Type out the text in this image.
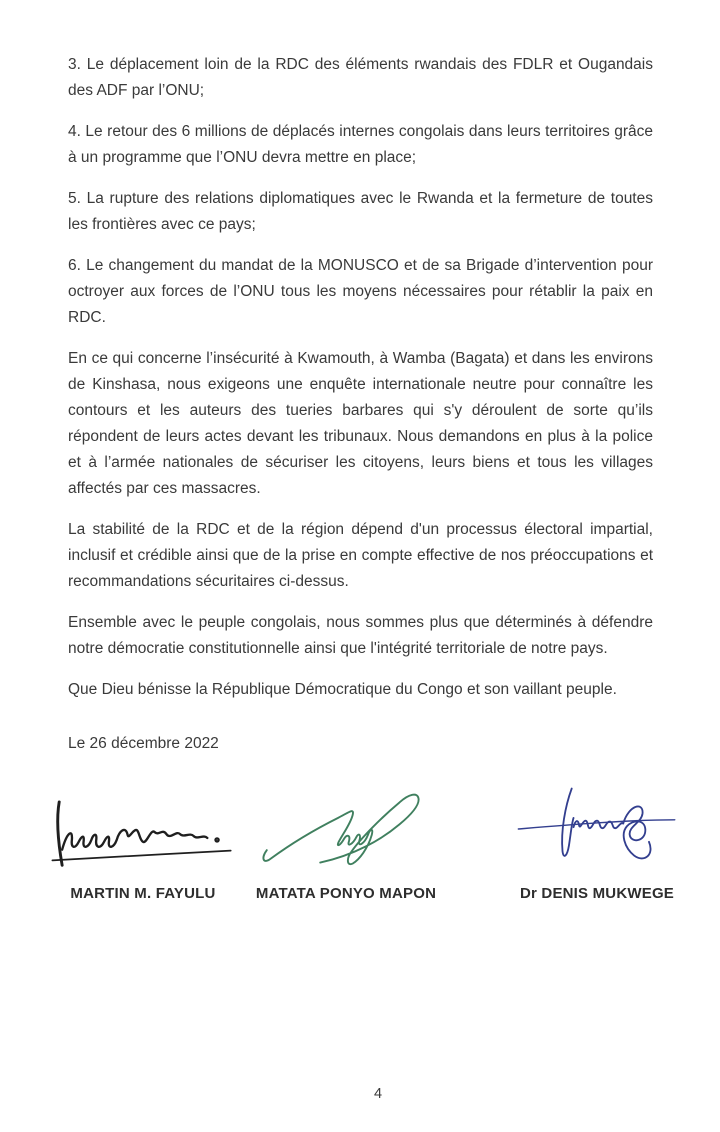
3. Le déplacement loin de la RDC des éléments rwandais des FDLR et Ougandais des ADF par l’ONU;

4. Le retour des 6 millions de déplacés internes congolais dans leurs territoires grâce à un programme que l’ONU devra mettre en place;

5. La rupture des relations diplomatiques avec le Rwanda et la fermeture de toutes les frontières avec ce pays;

6. Le changement du mandat de la MONUSCO et de sa Brigade d’intervention pour octroyer aux forces de l’ONU tous les moyens nécessaires pour rétablir la paix en RDC.

En ce qui concerne l’insécurité à Kwamouth, à Wamba (Bagata) et dans les environs de Kinshasa, nous exigeons une enquête internationale neutre pour connaître les contours et les auteurs des tueries barbares qui s'y déroulent de sorte qu’ils répondent de leurs actes devant les tribunaux. Nous demandons en plus à la police et à l’armée nationales de sécuriser les citoyens, leurs biens et tous les villages affectés par ces massacres.

La stabilité de la RDC et de la région dépend d'un processus électoral impartial, inclusif et crédible ainsi que de la prise en compte effective de nos préoccupations et recommandations sécuritaires ci-dessus.

Ensemble avec le peuple congolais, nous sommes plus que déterminés à défendre notre démocratie constitutionnelle ainsi que l'intégrité territoriale de notre pays.

Que Dieu bénisse la République Démocratique du Congo et son vaillant peuple.

Le 26 décembre 2022

MARTIN M. FAYULU	MATATA PONYO MAPON	Dr DENIS MUKWEGE
4
